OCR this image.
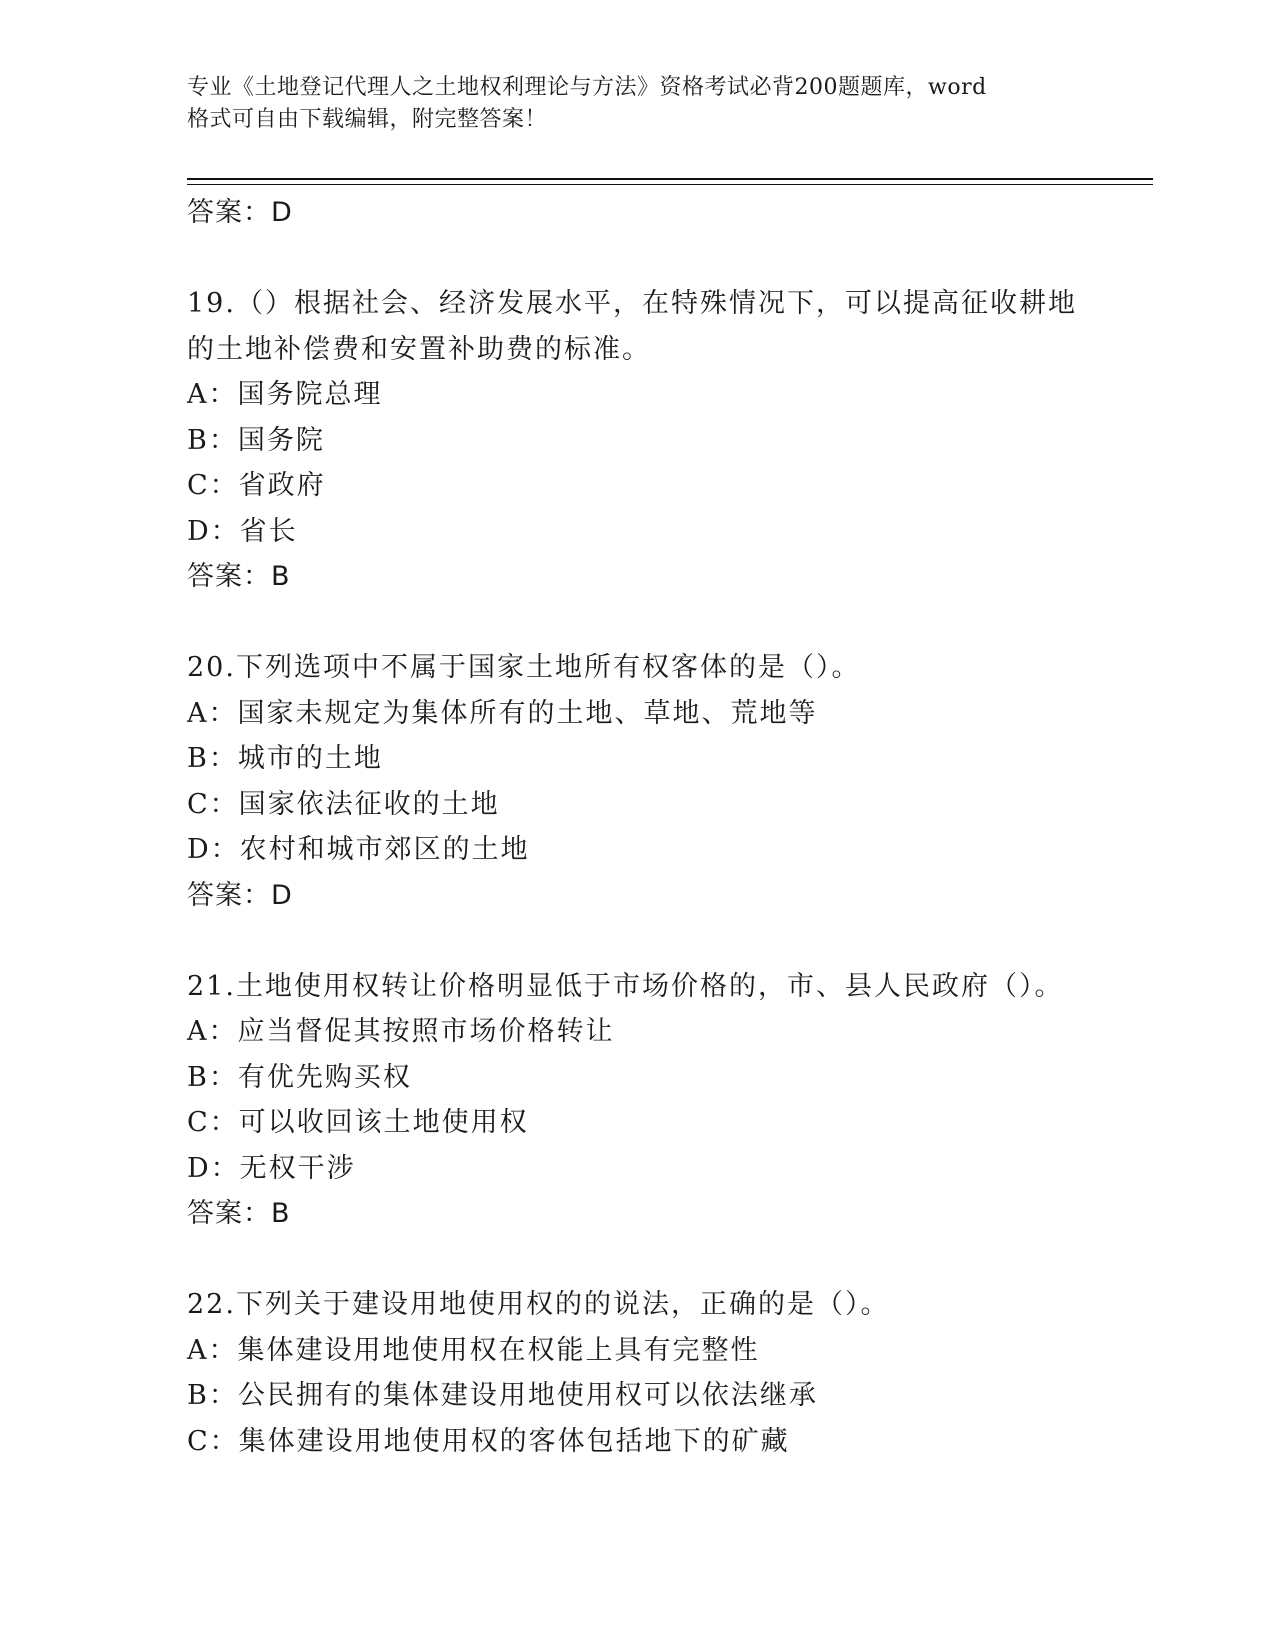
专业《土地登记代理人之土地权利理论与方法》资格考试必背200题题库，word
格式可自由下载编辑，附完整答案！
答案：D
19.（）根据社会、经济发展水平，在特殊情况下，可以提高征收耕地
的土地补偿费和安置补助费的标准。
A：国务院总理
B：国务院
C：省政府
D：省长
答案：B
20.下列选项中不属于国家土地所有权客体的是（）。
A：国家未规定为集体所有的土地、草地、荒地等
B：城市的土地
C：国家依法征收的土地
D：农村和城市郊区的土地
答案：D
21.土地使用权转让价格明显低于市场价格的，市、县人民政府（）。
A：应当督促其按照市场价格转让
B：有优先购买权
C：可以收回该土地使用权
D：无权干涉
答案：B
22.下列关于建设用地使用权的的说法，正确的是（）。
A：集体建设用地使用权在权能上具有完整性
B：公民拥有的集体建设用地使用权可以依法继承
C：集体建设用地使用权的客体包括地下的矿藏
